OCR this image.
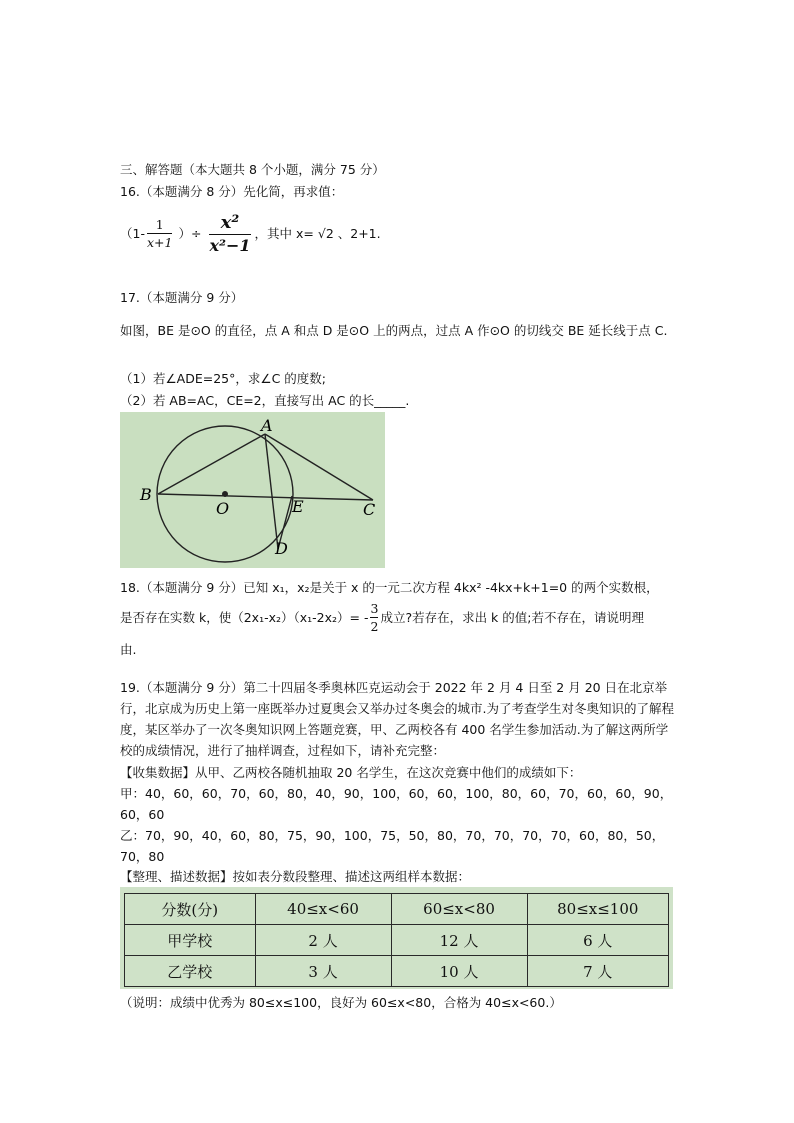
三、解答题（本大题共 8 个小题，满分 75 分）
16.（本题满分 8 分）先化简，再求值：
（$1- \frac{1}{x+1}$ ）÷ $\frac{\text{x²}}{\text{x²−1}}$ ，其中 x= √2 、2+1.
17.（本题满分 9 分）
如图，BE 是⊙O 的直径，点 A 和点 D 是⊙O 上的两点，过点 A 作⊙O 的切线交 BE 延长线于点 C.
（1）若∠ADE=25°，求∠C 的度数;
（2）若 AB=AC，CE=2，直接写出 AC 的长_____.
A
B
O	E	C
D
18.（本题满分 9 分）已知 x₁，x₂是关于 x 的一元二次方程 4kx² -4kx+k+1=0 的两个实数根，
是否存在实数 k，使$(2x_1-x_2)(x_1-2x_2)= - \frac{3}{2}$ 成立?若存在，求出 k 的值;若不存在，请说明理
由.
19.（本题满分 9 分）第二十四届冬季奥林匹克运动会于 2022 年 2 月 4 日至 2 月 20 日在北京举行，北京成为历史上第一座既举办过夏奥会又举办过冬奥会的城市.为了考查学生对冬奥知识的了解程度，某区举办了一次冬奥知识网上答题竞赛，甲、乙两校各有 400 名学生参加活动.为了解这两所学校的成绩情况，进行了抽样调查，过程如下，请补充完整：
【收集数据】从甲、乙两校各随机抽取 20 名学生，在这次竞赛中他们的成绩如下：
甲：40，60，60，70，60，80，40，90，100，60，60，100，80，60，70，60，60，90，60，60
乙：70，90，40，60，80，75，90，100，75，50，80，70，70，70，70，60，80，50，70，80
【整理、描述数据】按如表分数段整理、描述这两组样本数据：
分数(分)	40≤x<60	60≤x<80	80≤x≤100
甲学校	2 人	12 人	6 人
乙学校	3 人	10 人	7 人
（说明：成绩中优秀为 80≤x≤100，良好为 60≤x<80，合格为 40≤x<60.）
